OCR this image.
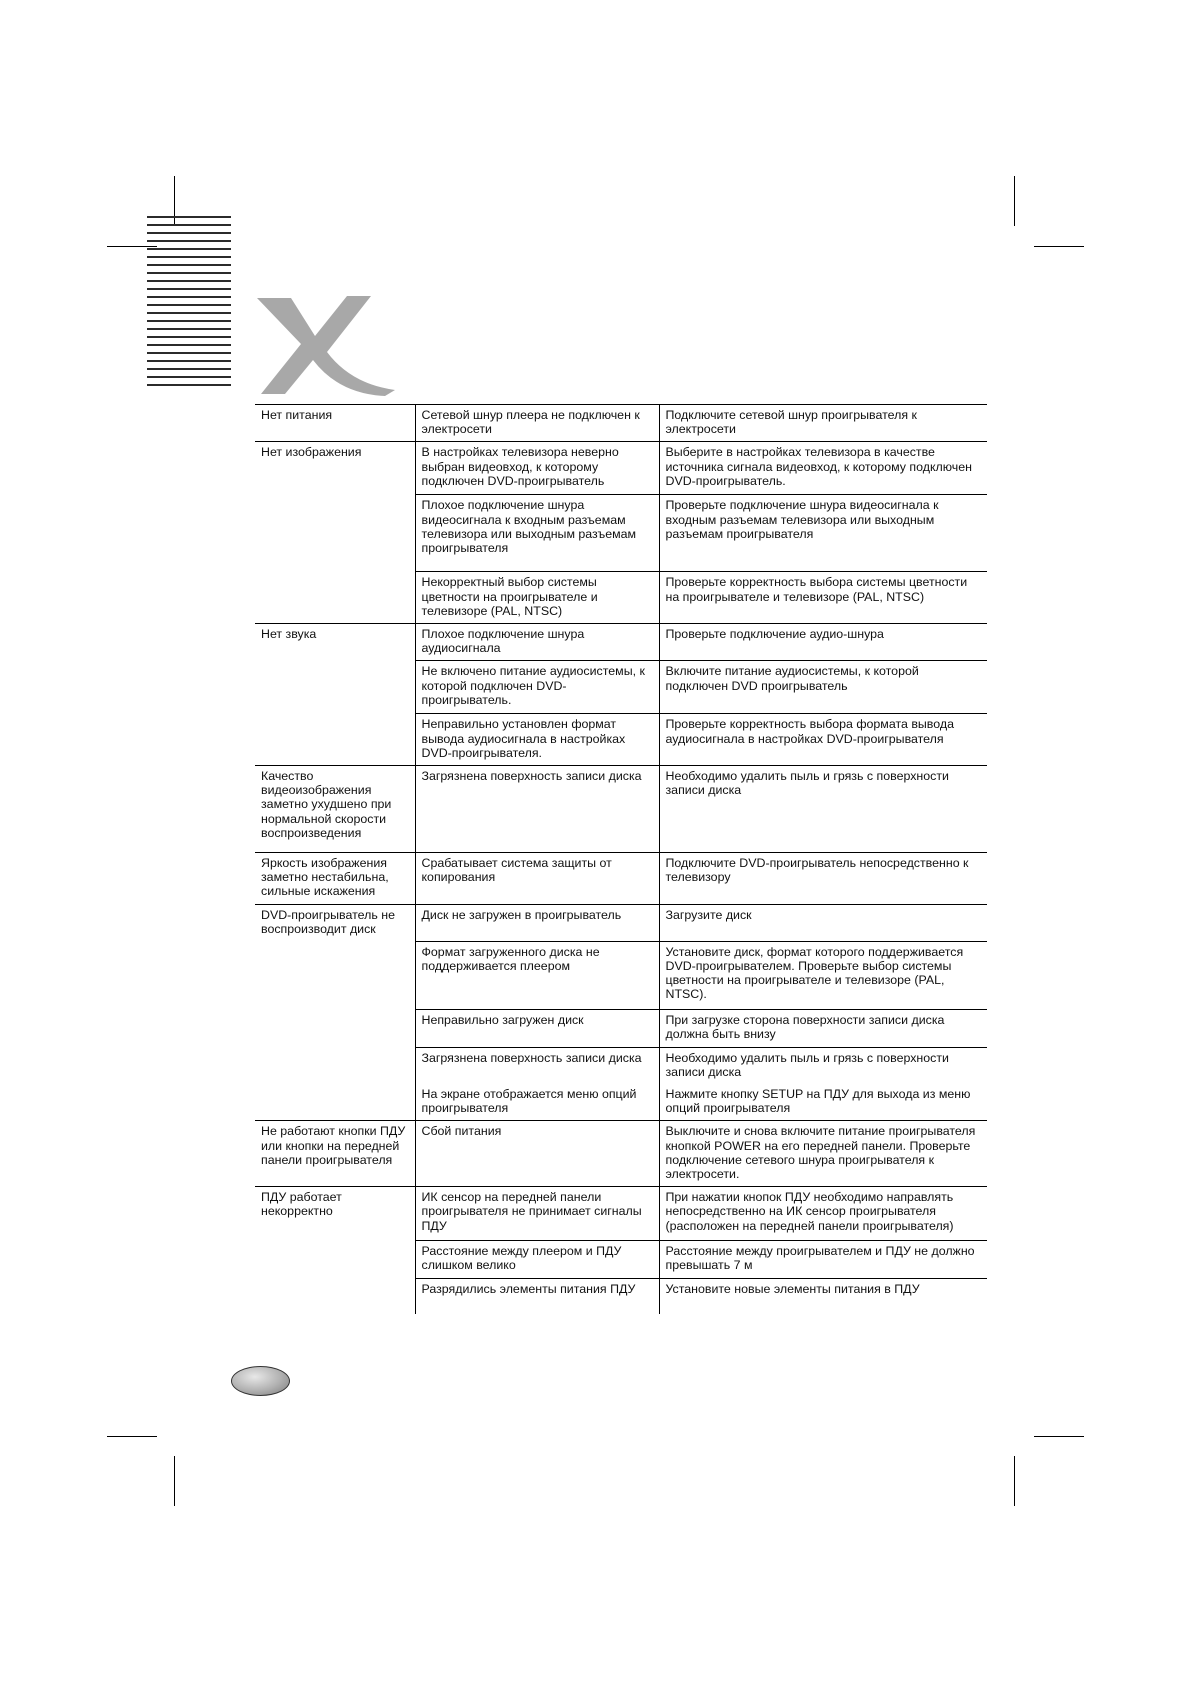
Нет питания	Сетевой шнур плеера не подключен к электросети	Подключите сетевой шнур проигрывателя к электросети
Нет изображения	В настройках телевизора неверно выбран видеовход, к которому подключен DVD-проигрыватель	Выберите в настройках телевизора в качестве источника сигнала видеовход, к которому подключен DVD-проигрыватель.
	Плохое подключение шнура видеосигнала к входным разъемам телевизора или выходным разъемам проигрывателя	Проверьте подключение шнура видеосигнала к входным разъемам телевизора или выходным разъемам проигрывателя
	Некорректный выбор системы цветности на проигрывателе и телевизоре (PAL, NTSC)	Проверьте корректность выбора системы цветности на проигрывателе и телевизоре (PAL, NTSC)
Нет звука	Плохое подключение шнура аудиосигнала	Проверьте подключение аудио-шнура
	Не включено питание аудиосистемы, к которой подключен DVD-проигрыватель.	Включите питание аудиосистемы, к которой подключен DVD проигрыватель
	Неправильно установлен формат вывода аудиосигнала в настройках DVD-проигрывателя.	Проверьте корректность выбора формата вывода аудиосигнала в настройках DVD-проигрывателя
Качество видеоизображения заметно ухудшено при нормальной скорости воспроизведения	Загрязнена поверхность записи диска	Необходимо удалить пыль и грязь с поверхности записи диска
Яркость изображения заметно нестабильна, сильные искажения	Срабатывает система защиты от копирования	Подключите DVD-проигрыватель непосредственно к телевизору
DVD-проигрыватель не воспроизводит диск	Диск не загружен в проигрыватель	Загрузите диск
	Формат загруженного диска не поддерживается плеером	Установите диск, формат которого поддерживается DVD-проигрывателем. Проверьте выбор системы цветности на проигрывателе и телевизоре (PAL, NTSC).
	Неправильно загружен диск	При загрузке сторона поверхности записи диска должна быть внизу
	Загрязнена поверхность записи диска	Необходимо удалить пыль и грязь с поверхности записи диска
	На экране отображается меню опций проигрывателя	Нажмите кнопку SETUP на ПДУ для выхода из меню опций проигрывателя
Не работают кнопки ПДУ или кнопки на передней панели проигрывателя	Сбой питания	Выключите и снова включите питание проигрывателя кнопкой POWER на его передней панели. Проверьте подключение сетевого шнура проигрывателя к электросети.
ПДУ работает некорректно	ИК сенсор на передней панели проигрывателя не принимает сигналы ПДУ	При нажатии кнопок ПДУ необходимо направлять непосредственно на ИК сенсор проигрывателя (расположен на передней панели проигрывателя)
	Расстояние между плеером и ПДУ слишком велико	Расстояние между проигрывателем и ПДУ не должно превышать 7 м
	Разрядились элементы питания ПДУ	Установите новые элементы питания в ПДУ
